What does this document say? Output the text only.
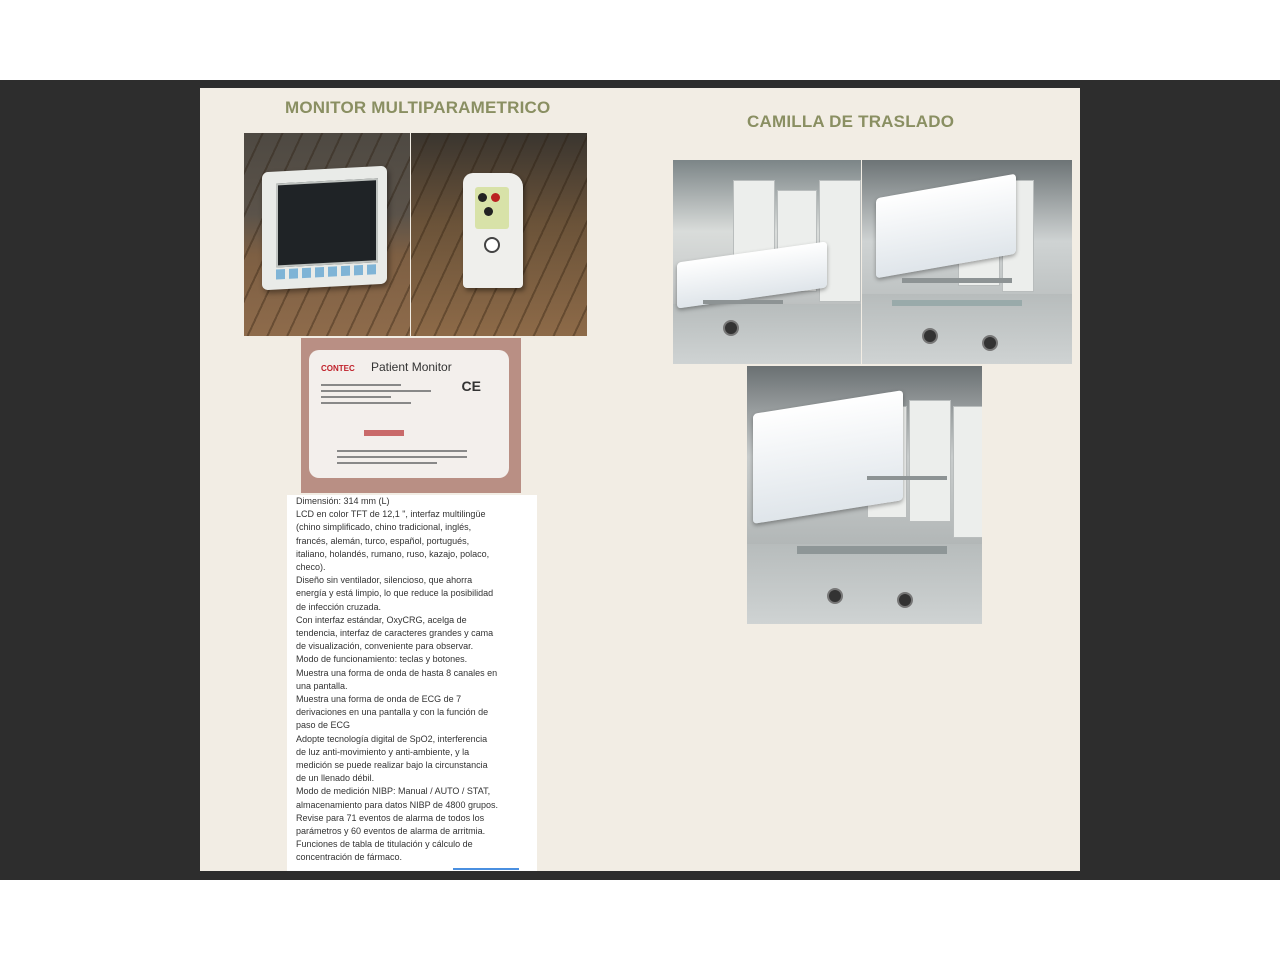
MONITOR MULTIPARAMETRICO
CAMILLA DE TRASLADO
CONTEC Patient Monitor
CE

Dimensión: 314 mm (L)

LCD en color TFT de 12,1 ", interfaz multilingüe

(chino simplificado, chino tradicional, inglés,

francés, alemán, turco, español, portugués,

italiano, holandés, rumano, ruso, kazajo, polaco,

checo).

Diseño sin ventilador, silencioso, que ahorra

energía y está limpio, lo que reduce la posibilidad

de infección cruzada.

Con interfaz estándar, OxyCRG, acelga de

tendencia, interfaz de caracteres grandes y cama

de visualización, conveniente para observar.

Modo de funcionamiento: teclas y botones.

Muestra una forma de onda de hasta 8 canales en

una pantalla.

Muestra una forma de onda de ECG de 7

derivaciones en una pantalla y con la función de

paso de ECG

Adopte tecnología digital de SpO2, interferencia

de luz anti-movimiento y anti-ambiente, y la

medición se puede realizar bajo la circunstancia

de un llenado débil.

Modo de medición NIBP: Manual / AUTO / STAT,

almacenamiento para datos NIBP de 4800 grupos.

Revise para 71 eventos de alarma de todos los

parámetros y 60 eventos de alarma de arritmia.

Funciones de tabla de titulación y cálculo de

concentración de fármaco.
